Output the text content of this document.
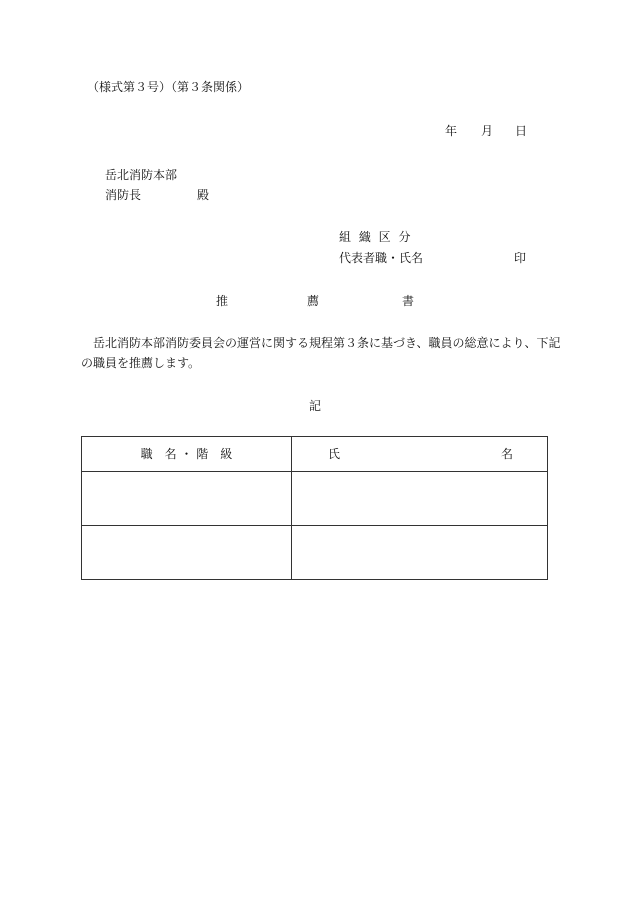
（様式第３号）（第３条関係）
年 月 日
岳北消防本部
消防長	殿
組 織 区 分
代表者職・氏名	印
推	薦	書
岳北消防本部消防委員会の運営に関する規程第３条に基づき、職員の総意により、下記
の職員を推薦します。
記
職　名 ・ 階　級	氏 名
